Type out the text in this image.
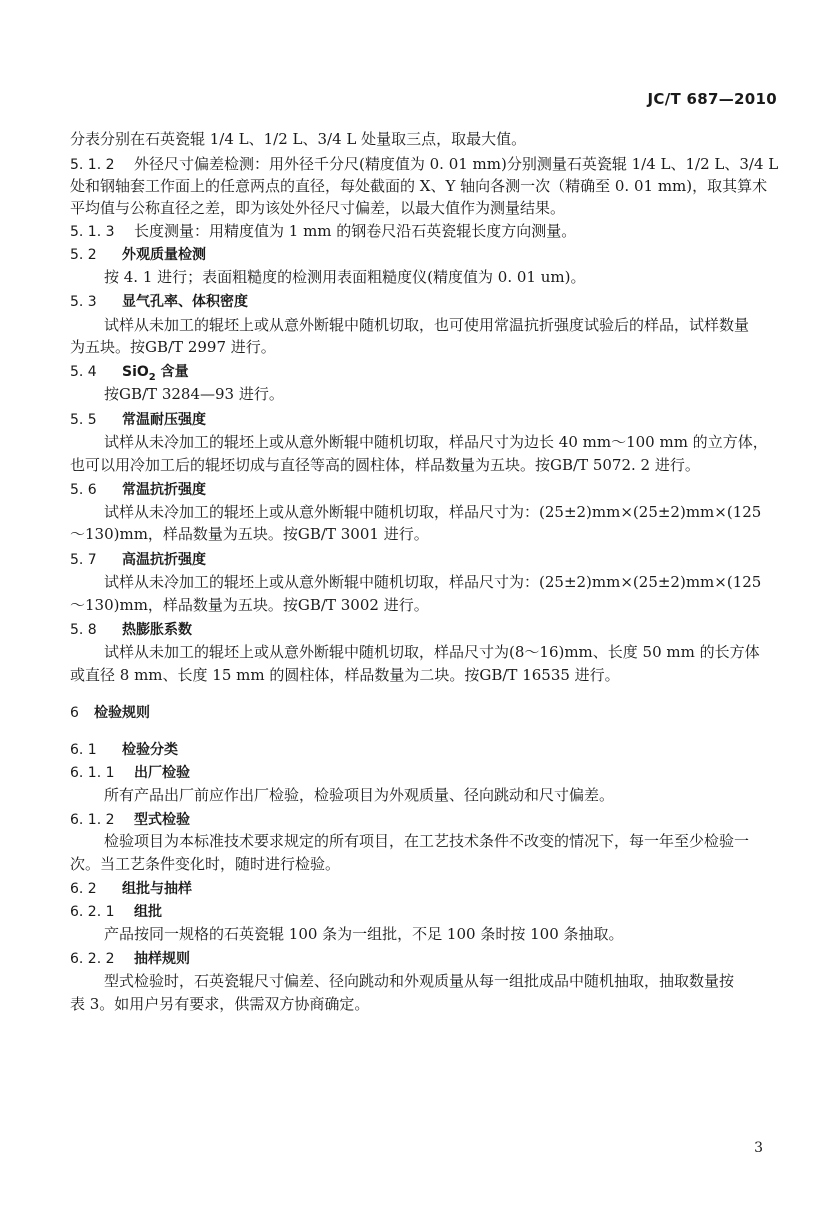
JC/T 687—2010
分表分别在石英瓷辊 1/4 L、1/2 L、3/4 L 处量取三点，取最大值。
5. 1. 2 外径尺寸偏差检测：用外径千分尺(精度值为 0. 01 mm)分别测量石英瓷辊 1/4 L、1/2 L、3/4 L
处和钢轴套工作面上的任意两点的直径，每处截面的 X、Y 轴向各测一次（精确至 0. 01 mm)，取其算术
平均值与公称直径之差，即为该处外径尺寸偏差，以最大值作为测量结果。
5. 1. 3 长度测量：用精度值为 1 mm 的钢卷尺沿石英瓷辊长度方向测量。
5. 2 外观质量检测
按 4. 1 进行；表面粗糙度的检测用表面粗糙度仪(精度值为 0. 01 um)。
5. 3 显气孔率、体积密度
试样从未加工的辊坯上或从意外断辊中随机切取，也可使用常温抗折强度试验后的样品，试样数量
为五块。按GB/T 2997 进行。
5. 4 SiO$_2$ 含量
按GB/T 3284—93 进行。
5. 5 常温耐压强度
试样从未冷加工的辊坯上或从意外断辊中随机切取，样品尺寸为边长 40 mm～100 mm 的立方体，
也可以用冷加工后的辊坯切成与直径等高的圆柱体，样品数量为五块。按GB/T 5072. 2 进行。
5. 6 常温抗折强度
试样从未冷加工的辊坯上或从意外断辊中随机切取，样品尺寸为：(25±2)mm×(25±2)mm×(125
～130)mm，样品数量为五块。按GB/T 3001 进行。
5. 7 高温抗折强度
试样从未冷加工的辊坯上或从意外断辊中随机切取，样品尺寸为：(25±2)mm×(25±2)mm×(125
～130)mm，样品数量为五块。按GB/T 3002 进行。
5. 8 热膨胀系数
试样从未加工的辊坯上或从意外断辊中随机切取，样品尺寸为(8～16)mm、长度 50 mm 的长方体
或直径 8 mm、长度 15 mm 的圆柱体，样品数量为二块。按GB/T 16535 进行。
6 检验规则
6. 1 检验分类
6. 1. 1 出厂检验
所有产品出厂前应作出厂检验，检验项目为外观质量、径向跳动和尺寸偏差。
6. 1. 2 型式检验
检验项目为本标准技术要求规定的所有项目，在工艺技术条件不改变的情况下，每一年至少检验一
次。当工艺条件变化时，随时进行检验。
6. 2 组批与抽样
6. 2. 1 组批
产品按同一规格的石英瓷辊 100 条为一组批，不足 100 条时按 100 条抽取。
6. 2. 2 抽样规则
型式检验时，石英瓷辊尺寸偏差、径向跳动和外观质量从每一组批成品中随机抽取，抽取数量按
表 3。如用户另有要求，供需双方协商确定。
3
